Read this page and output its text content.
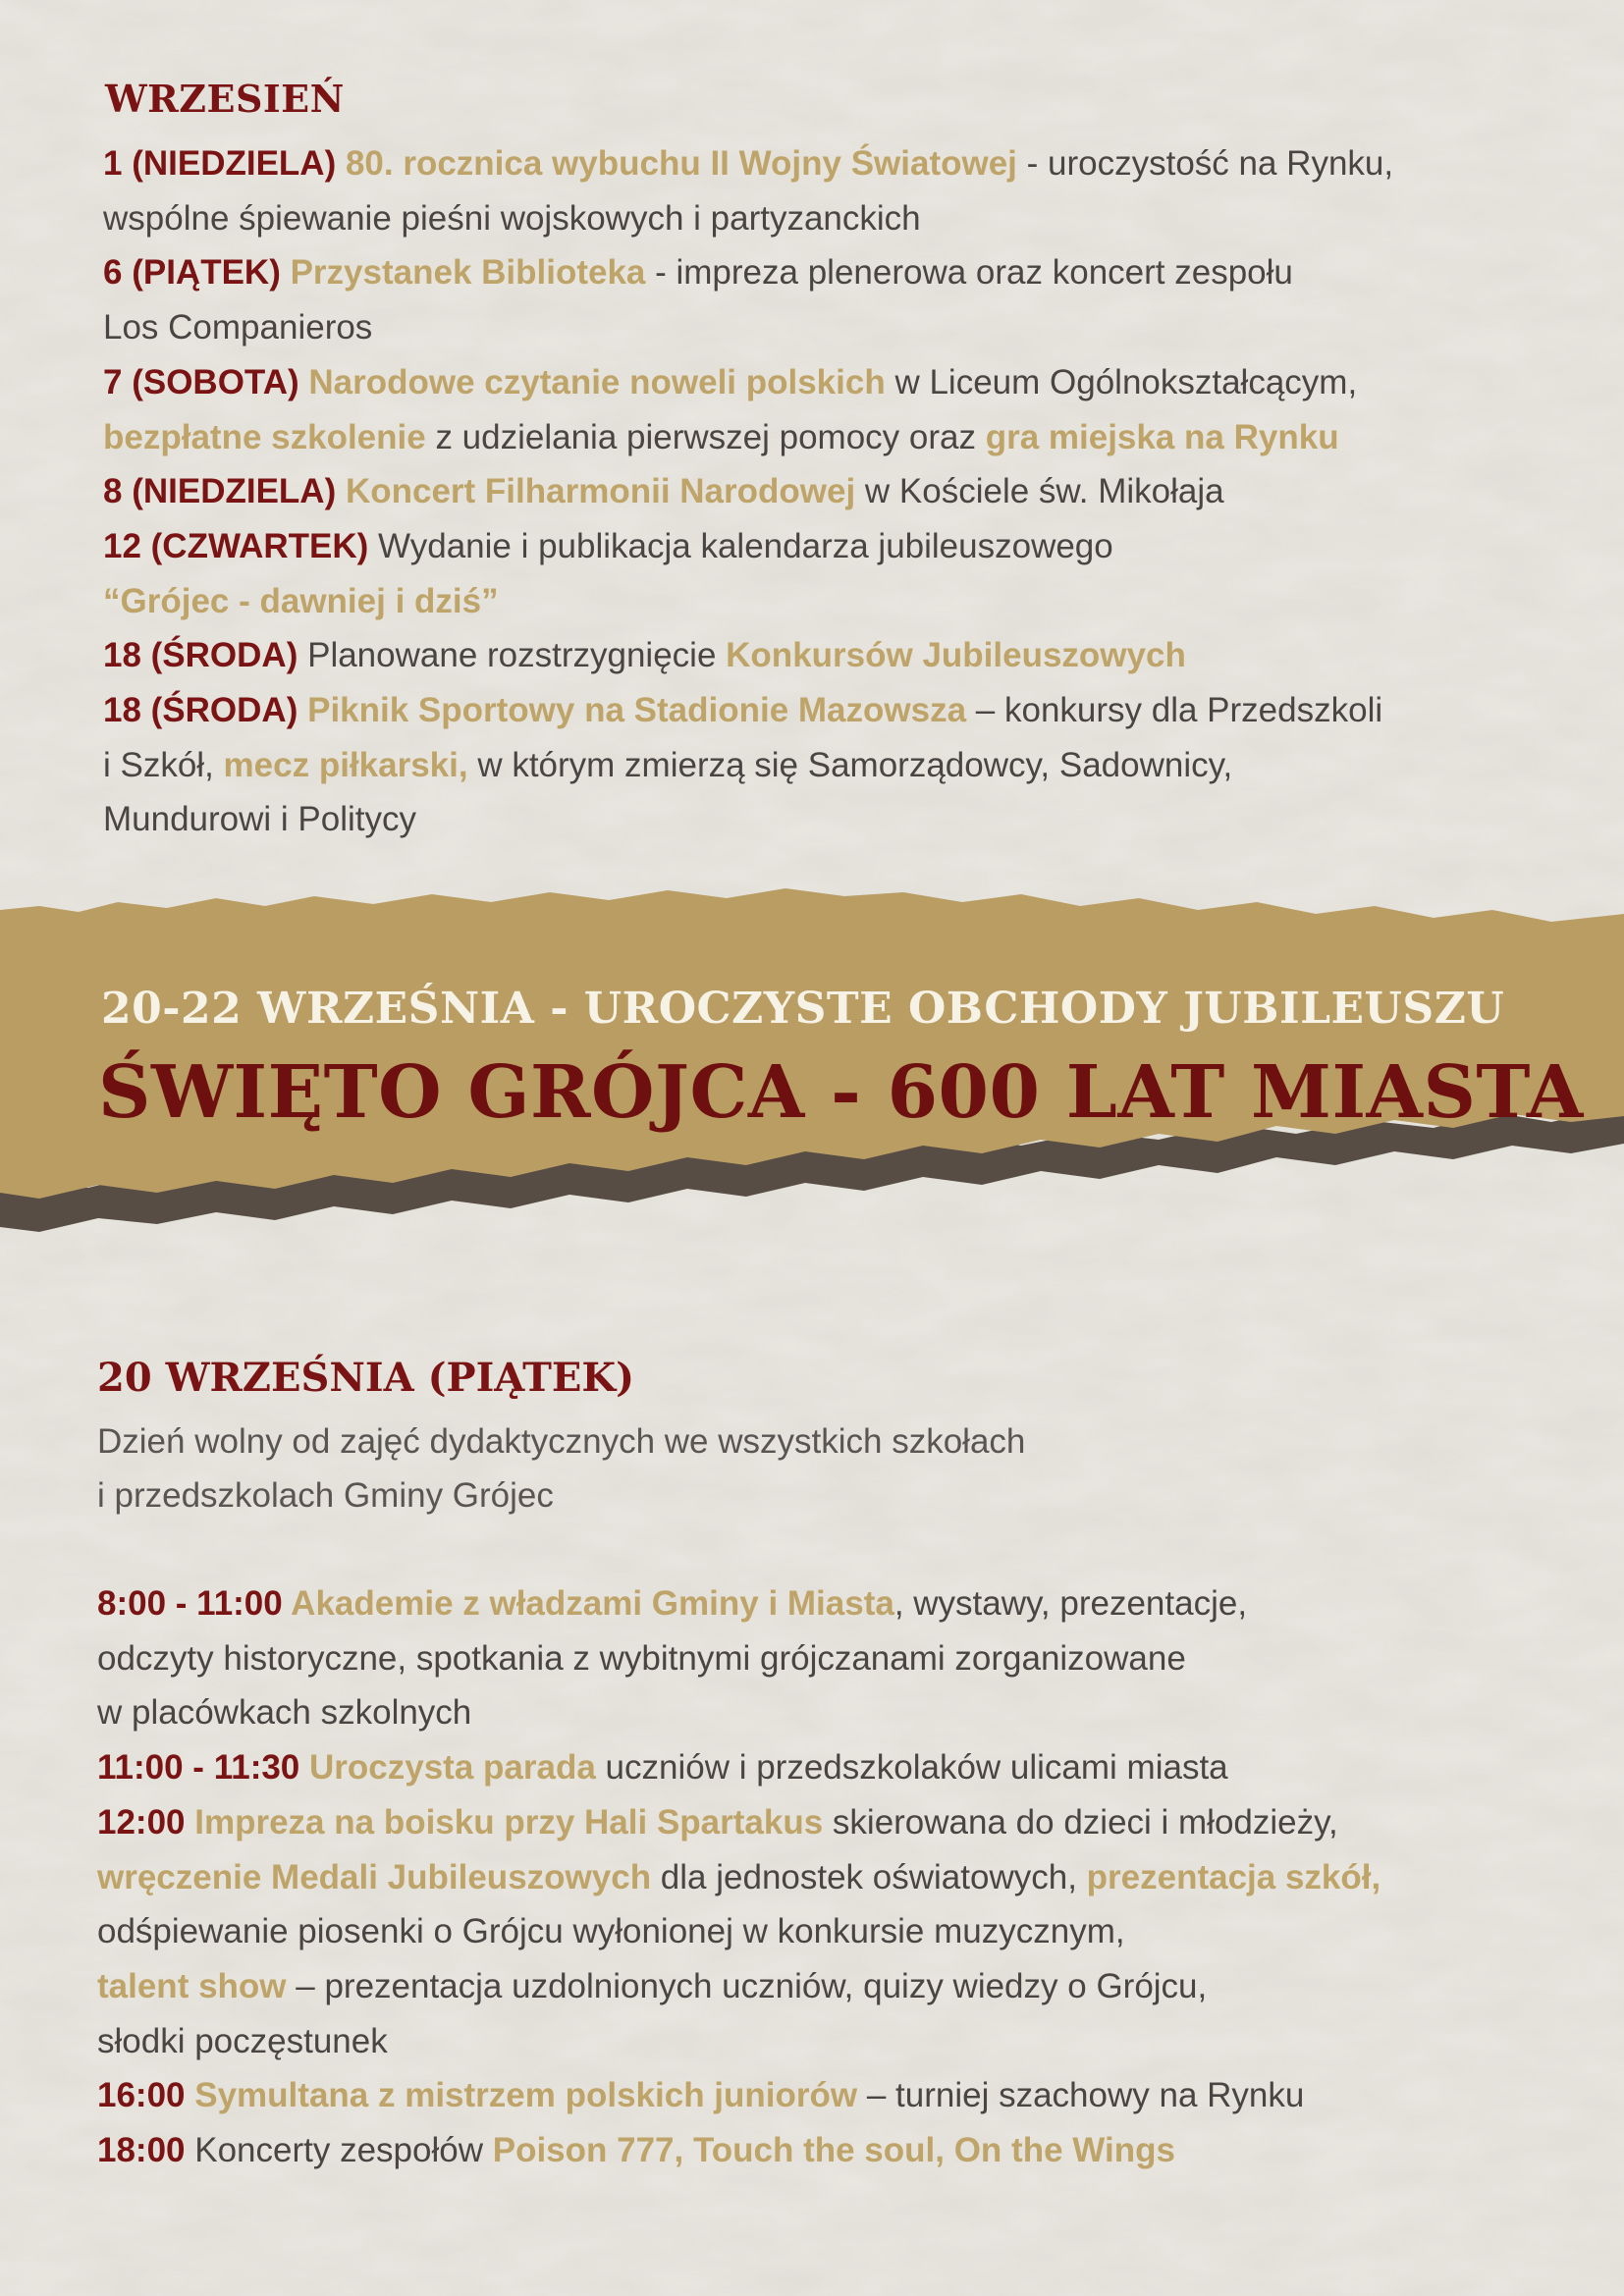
WRZESIEŃ
1 (NIEDZIELA) 80. rocznica wybuchu II Wojny Światowej - uroczystość na Rynku,
wspólne śpiewanie pieśni wojskowych i partyzanckich
6 (PIĄTEK) Przystanek Biblioteka - impreza plenerowa oraz koncert zespołu
Los Companieros
7 (SOBOTA) Narodowe czytanie noweli polskich w Liceum Ogólnokształcącym,
bezpłatne szkolenie z udzielania pierwszej pomocy oraz gra miejska na Rynku
8 (NIEDZIELA) Koncert Filharmonii Narodowej w Kościele św. Mikołaja
12 (CZWARTEK) Wydanie i publikacja kalendarza jubileuszowego
“Grójec - dawniej i dziś”
18 (ŚRODA) Planowane rozstrzygnięcie Konkursów Jubileuszowych
18 (ŚRODA) Piknik Sportowy na Stadionie Mazowsza – konkursy dla Przedszkoli
i Szkół, mecz piłkarski, w którym zmierzą się Samorządowcy, Sadownicy,
Mundurowi i Politycy
20-22 WRZEŚNIA - UROCZYSTE OBCHODY JUBILEUSZU
ŚWIĘTO GRÓJCA - 600 LAT MIASTA
20 WRZEŚNIA (PIĄTEK)
Dzień wolny od zajęć dydaktycznych we wszystkich szkołach
i przedszkolach Gminy Grójec
8:00 - 11:00 Akademie z władzami Gminy i Miasta, wystawy, prezentacje,
odczyty historyczne, spotkania z wybitnymi grójczanami zorganizowane
w placówkach szkolnych
11:00 - 11:30 Uroczysta parada uczniów i przedszkolaków ulicami miasta
12:00 Impreza na boisku przy Hali Spartakus skierowana do dzieci i młodzieży,
wręczenie Medali Jubileuszowych dla jednostek oświatowych, prezentacja szkół,
odśpiewanie piosenki o Grójcu wyłonionej w konkursie muzycznym,
talent show – prezentacja uzdolnionych uczniów, quizy wiedzy o Grójcu,
słodki poczęstunek
16:00 Symultana z mistrzem polskich juniorów – turniej szachowy na Rynku
18:00 Koncerty zespołów Poison 777, Touch the soul, On the Wings
